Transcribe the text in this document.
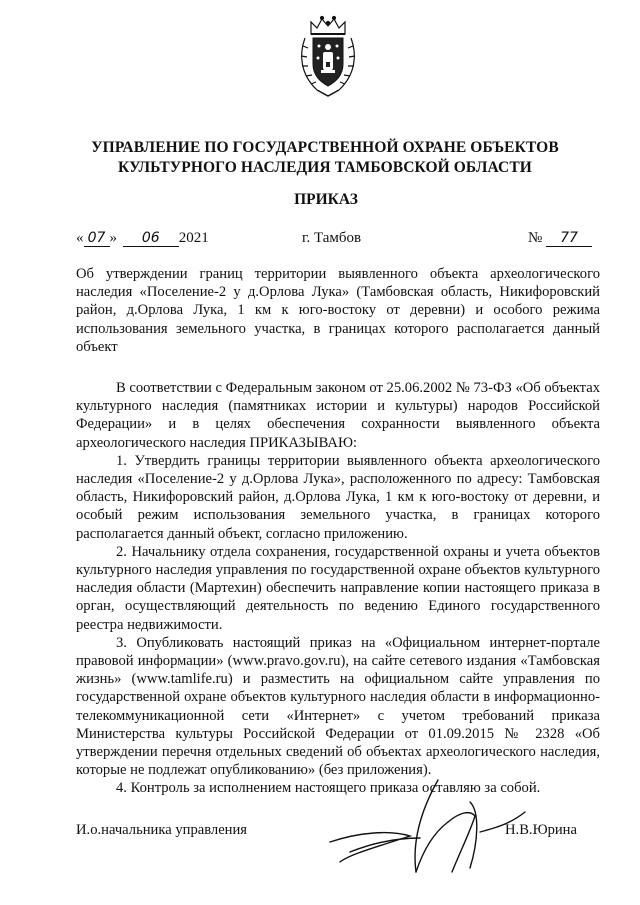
УПРАВЛЕНИЕ ПО ГОСУДАРСТВЕННОЙ ОХРАНЕ ОБЪЕКТОВ
КУЛЬТУРНОГО НАСЛЕДИЯ ТАМБОВСКОЙ ОБЛАСТИ
ПРИКАЗ
« 07 » 06 2021	г. Тамбов	№ 77

Об утверждении границ территории выявленного объекта археологического наследия «Поселение-2 у д.Орлова Лука» (Тамбовская область, Никифоровский район, д.Орлова Лука, 1 км к юго-востоку от деревни) и особого режима использования земельного участка, в границах которого располагается данный объект

В соответствии с Федеральным законом от 25.06.2002 № 73-ФЗ «Об объектах культурного наследия (памятниках истории и культуры) народов Российской Федерации» и в целях обеспечения сохранности выявленного объекта археологического наследия ПРИКАЗЫВАЮ:

1. Утвердить границы территории выявленного объекта археологического наследия «Поселение-2 у д.Орлова Лука», расположенного по адресу: Тамбовская область, Никифоровский район, д.Орлова Лука, 1 км к юго-востоку от деревни, и особый режим использования земельного участка, в границах которого располагается данный объект, согласно приложению.

2. Начальнику отдела сохранения, государственной охраны и учета объектов культурного наследия управления по государственной охране объектов культурного наследия области (Мартехин) обеспечить направление копии настоящего приказа в орган, осуществляющий деятельность по ведению Единого государственного реестра недвижимости.

3. Опубликовать настоящий приказ на «Официальном интернет-портале правовой информации» (www.pravo.gov.ru), на сайте сетевого издания «Тамбовская жизнь» (www.tamlife.ru) и разместить на официальном сайте управления по государственной охране объектов культурного наследия области в информационно-телекоммуникационной сети «Интернет» с учетом требований приказа Министерства культуры Российской Федерации от 01.09.2015 № 2328 «Об утверждении перечня отдельных сведений об объектах археологического наследия, которые не подлежат опубликованию» (без приложения).

4. Контроль за исполнением настоящего приказа оставляю за собой.

И.о.начальника управления	Н.В.Юрина
